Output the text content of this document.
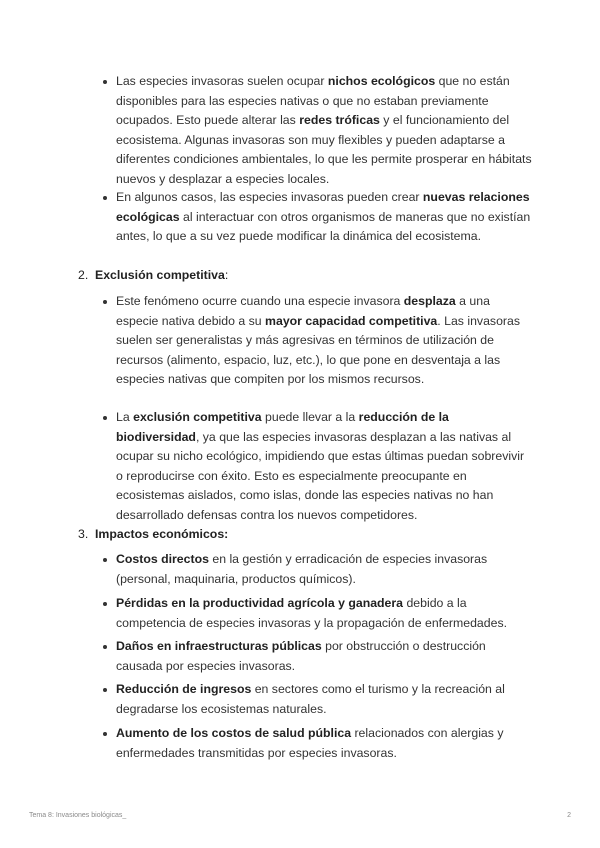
Las especies invasoras suelen ocupar nichos ecológicos que no están disponibles para las especies nativas o que no estaban previamente ocupados. Esto puede alterar las redes tróficas y el funcionamiento del ecosistema. Algunas invasoras son muy flexibles y pueden adaptarse a diferentes condiciones ambientales, lo que les permite prosperar en hábitats nuevos y desplazar a especies locales.
En algunos casos, las especies invasoras pueden crear nuevas relaciones ecológicas al interactuar con otros organismos de maneras que no existían antes, lo que a su vez puede modificar la dinámica del ecosistema.
2. Exclusión competitiva:
Este fenómeno ocurre cuando una especie invasora desplaza a una especie nativa debido a su mayor capacidad competitiva. Las invasoras suelen ser generalistas y más agresivas en términos de utilización de recursos (alimento, espacio, luz, etc.), lo que pone en desventaja a las especies nativas que compiten por los mismos recursos.
La exclusión competitiva puede llevar a la reducción de la biodiversidad, ya que las especies invasoras desplazan a las nativas al ocupar su nicho ecológico, impidiendo que estas últimas puedan sobrevivir o reproducirse con éxito. Esto es especialmente preocupante en ecosistemas aislados, como islas, donde las especies nativas no han desarrollado defensas contra los nuevos competidores.
3. Impactos económicos:
Costos directos en la gestión y erradicación de especies invasoras (personal, maquinaria, productos químicos).
Pérdidas en la productividad agrícola y ganadera debido a la competencia de especies invasoras y la propagación de enfermedades.
Daños en infraestructuras públicas por obstrucción o destrucción causada por especies invasoras.
Reducción de ingresos en sectores como el turismo y la recreación al degradarse los ecosistemas naturales.
Aumento de los costos de salud pública relacionados con alergias y enfermedades transmitidas por especies invasoras.
Tema 8: Invasiones biológicas_	2
